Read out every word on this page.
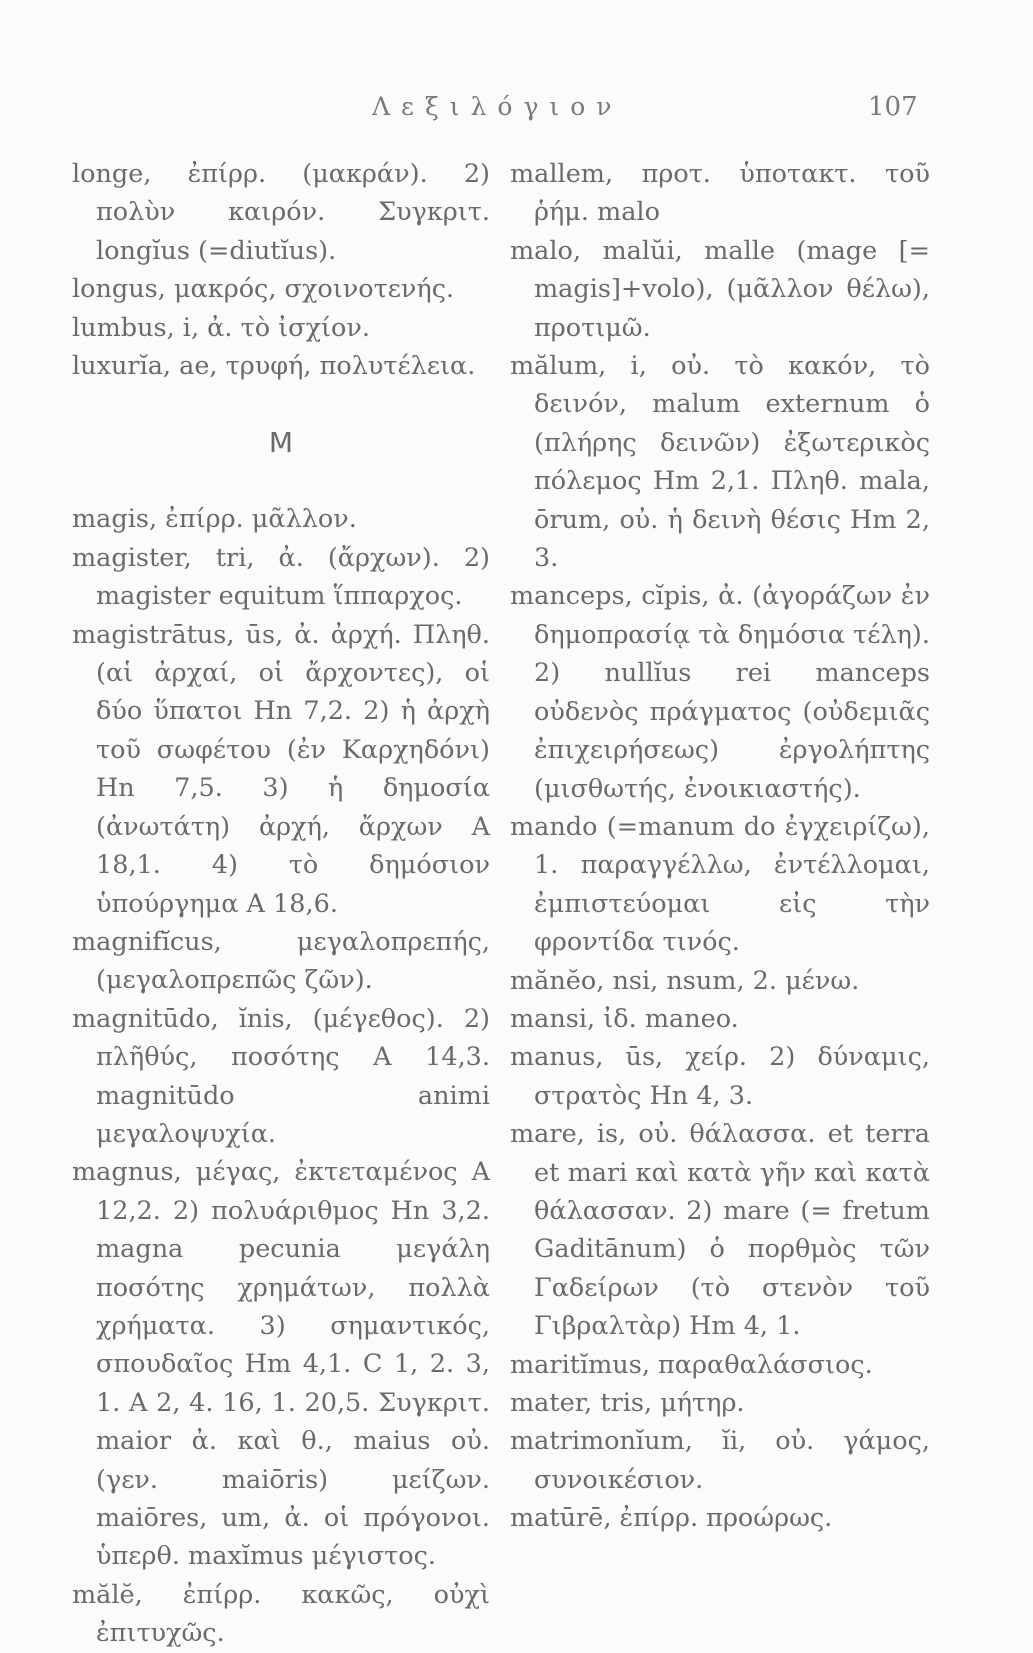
Λεξιλόγιον	107

longe, ἐπίρρ. (μακράν). 2) πολὺν καιρόν. Συγκριτ. longĭus (=diutĭus).

longus, μακρός, σχοινοτενής.

lumbus, i, ἀ. τὸ ἰσχίον.

luxurĭa, ae, τρυφή, πολυτέλεια.

M

magis, ἐπίρρ. μᾶλλον.

magister, tri, ἀ. (ἄρχων). 2) magister equitum ἵππαρχος.

magistrātus, ūs, ἀ. ἀρχή. Πληθ. (αἱ ἀρχαί, οἱ ἄρχοντες), οἱ δύο ὕπατοι Hn 7,2. 2) ἡ ἀρχὴ τοῦ σωφέτου (ἐν Καρχηδόνι) Hn 7,5. 3) ἡ δημοσία (ἀνωτάτη) ἀρχή, ἄρχων A 18,1. 4) τὸ δημόσιον ὑπούργημα A 18,6.

magnifĭcus, μεγαλοπρεπής, (μεγαλοπρεπῶς ζῶν).

magnitūdo, ĭnis, (μέγεθος). 2) πλῆθύς, ποσότης A 14,3. magnitūdo animi μεγαλοψυχία.

magnus, μέγας, ἐκτεταμένος A 12,2. 2) πολυάριθμος Hn 3,2. magna pecunia μεγάλη ποσότης χρημάτων, πολλὰ χρήματα. 3) σημαντικός, σπουδαῖος Hm 4,1. C 1, 2. 3, 1. A 2, 4. 16, 1. 20,5. Συγκριτ. maior ἀ. καὶ θ., maius οὐ. (γεν. maiōris) μείζων. maiōres, um, ἀ. οἱ πρόγονοι. ὑπερθ. maxĭmus μέγιστος.

mălĕ, ἐπίρρ. κακῶς, οὐχὶ ἐπιτυχῶς.

mallem, προτ. ὑποτακτ. τοῦ ῥήμ. malo

malo, malŭi, malle (mage [= magis]+volo), (μᾶλλον θέλω), προτιμῶ.

mălum, i, οὐ. τὸ κακόν, τὸ δεινόν, malum externum ὁ (πλήρης δεινῶν) ἐξωτερικὸς πόλεμος Hm 2,1. Πληθ. mala, ōrum, οὐ. ἡ δεινὴ θέσις Hm 2, 3.

manceps, cĭpis, ἀ. (ἀγοράζων ἐν δημοπρασίᾳ τὰ δημόσια τέλη). 2) nullĭus rei manceps οὐδενὸς πράγματος (οὐδεμιᾶς ἐπιχειρήσεως) ἐργολήπτης (μισθωτής, ἐνοικιαστής).

mando (=manum do ἐγχειρίζω), 1. παραγγέλλω, ἐντέλλομαι, ἐμπιστεύομαι εἰς τὴν φροντίδα τινός.

mănĕo, nsi, nsum, 2. μένω.

mansi, ἰδ. maneo.

manus, ūs, χείρ. 2) δύναμις, στρατὸς Hn 4, 3.

mare, is, οὐ. θάλασσα. et terra et mari καὶ κατὰ γῆν καὶ κατὰ θάλασσαν. 2) mare (= fretum Gaditānum) ὁ πορθμὸς τῶν Γαδείρων (τὸ στενὸν τοῦ Γιβραλτὰρ) Hm 4, 1.

maritĭmus, παραθαλάσσιος.

mater, tris, μήτηρ.

matrimonĭum, ĭi, οὐ. γάμος, συνοικέσιον.

matūrē, ἐπίρρ. προώρως.
